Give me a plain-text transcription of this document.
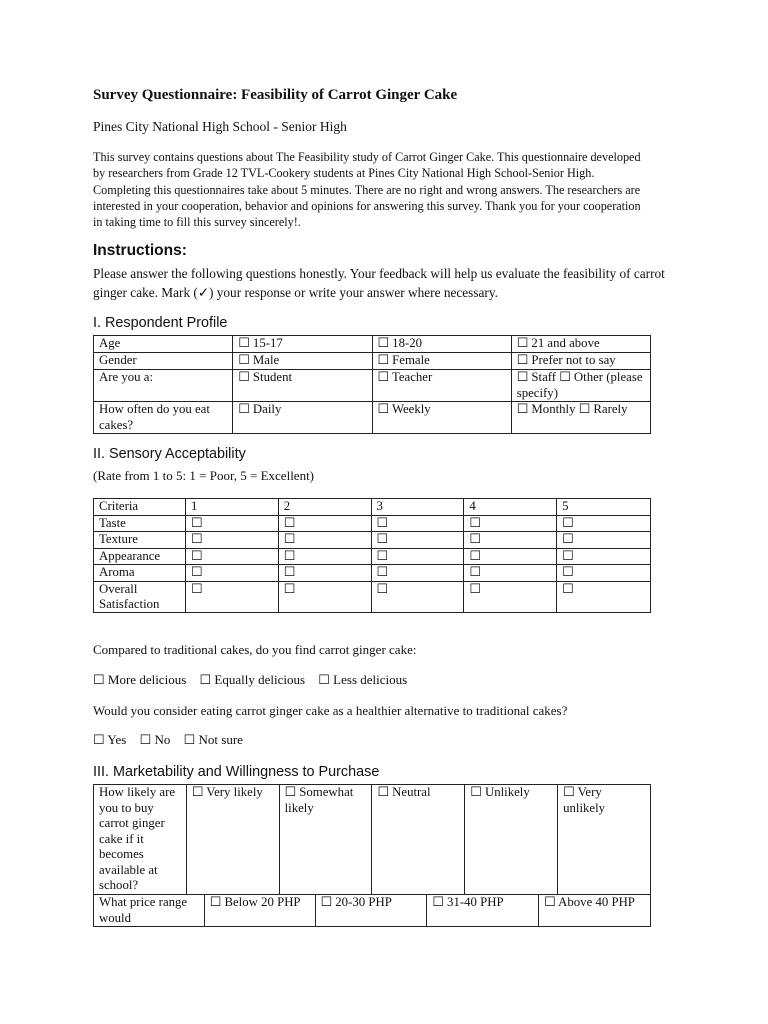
Survey Questionnaire: Feasibility of Carrot Ginger Cake
Pines City National High School - Senior High
This survey contains questions about The Feasibility study of Carrot Ginger Cake. This questionnaire developed by researchers from Grade 12 TVL-Cookery students at Pines City National High School-Senior High. Completing this questionnaires take about 5 minutes. There are no right and wrong answers. The researchers are interested in your cooperation, behavior and opinions for answering this survey. Thank you for your cooperation in taking time to fill this survey sincerely!.
Instructions:
Please answer the following questions honestly. Your feedback will help us evaluate the feasibility of carrot ginger cake. Mark (✓) your response or write your answer where necessary.
I. Respondent Profile
Age	☐ 15-17	☐ 18-20	☐ 21 and above
Gender	☐ Male	☐ Female	☐ Prefer not to say
Are you a:	☐ Student	☐ Teacher	☐ Staff ☐ Other (please specify)
How often do you eat cakes?	☐ Daily	☐ Weekly	☐ Monthly ☐ Rarely
II. Sensory Acceptability
(Rate from 1 to 5: 1 = Poor, 5 = Excellent)
Criteria	1	2	3	4	5
Taste	☐	☐	☐	☐	☐
Texture	☐	☐	☐	☐	☐
Appearance	☐	☐	☐	☐	☐
Aroma	☐	☐	☐	☐	☐
Overall Satisfaction	☐	☐	☐	☐	☐
Compared to traditional cakes, do you find carrot ginger cake:
☐ More delicious ☐ Equally delicious ☐ Less delicious
Would you consider eating carrot ginger cake as a healthier alternative to traditional cakes?
☐ Yes ☐ No ☐ Not sure
III. Marketability and Willingness to Purchase
How likely are you to buy carrot ginger cake if it becomes available at school?	☐ Very likely	☐ Somewhat likely	☐ Neutral	☐ Unlikely	☐ Very unlikely
What price range would	☐ Below 20 PHP	☐ 20-30 PHP	☐ 31-40 PHP	☐ Above 40 PHP
